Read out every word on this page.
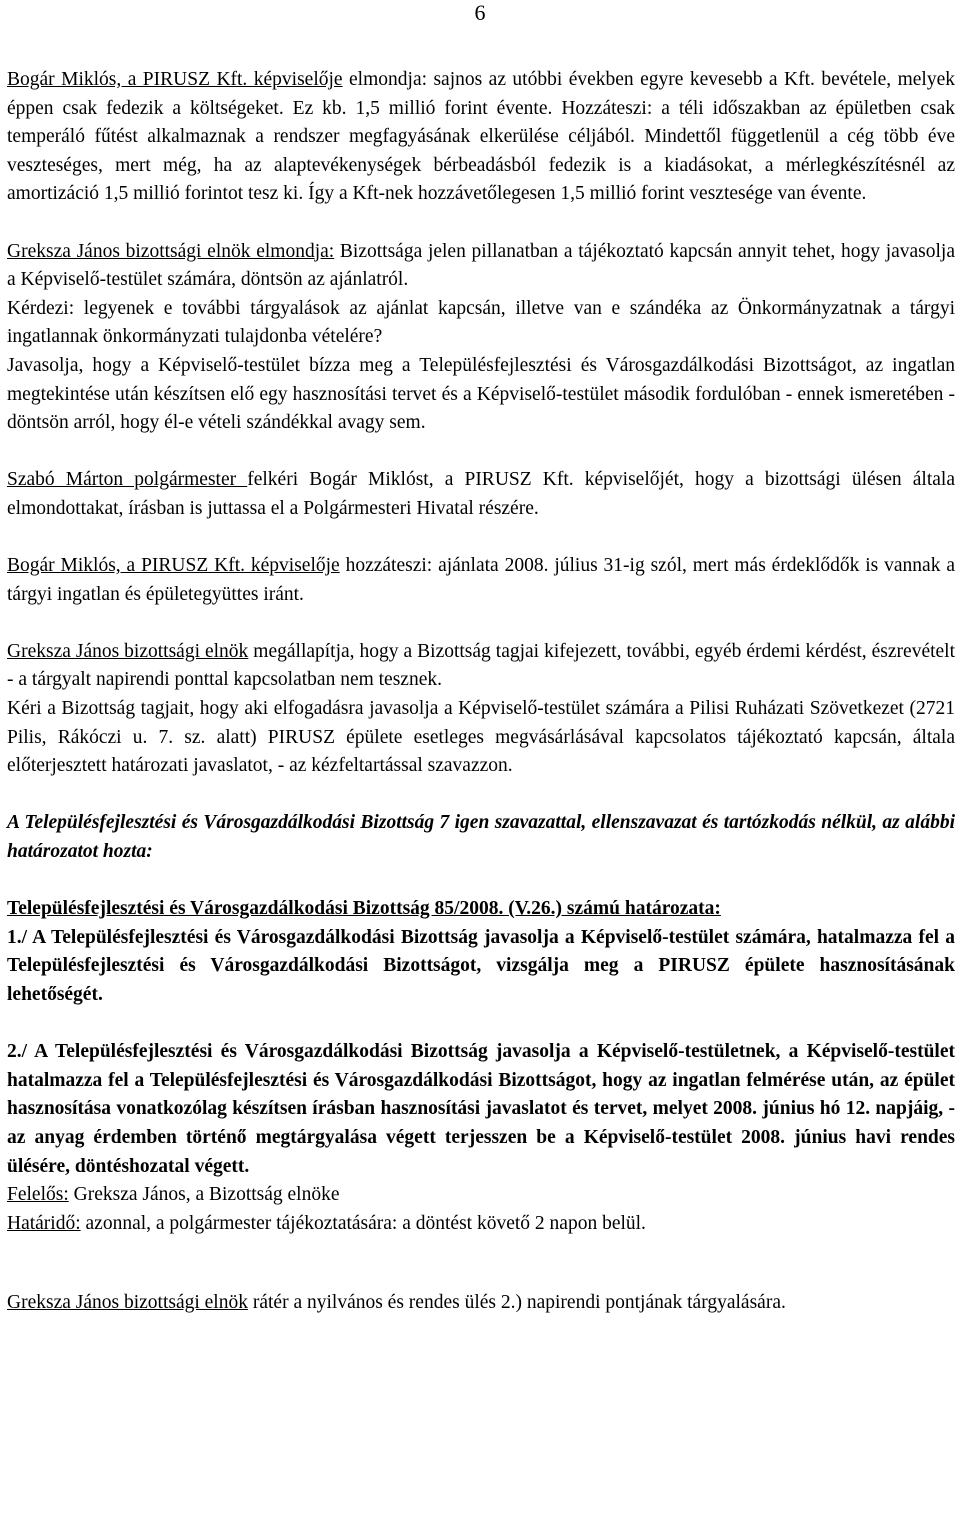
6

Bogár Miklós, a PIRUSZ Kft. képviselője elmondja: sajnos az utóbbi években egyre kevesebb a Kft. bevétele, melyek éppen csak fedezik a költségeket. Ez kb. 1,5 millió forint évente. Hozzáteszi: a téli időszakban az épületben csak temperáló fűtést alkalmaznak a rendszer megfagyásának elkerülése céljából. Mindettől függetlenül a cég több éve veszteséges, mert még, ha az alaptevékenységek bérbeadásból fedezik is a kiadásokat, a mérlegkészítésnél az amortizáció 1,5 millió forintot tesz ki. Így a Kft-nek hozzávetőlegesen 1,5 millió forint vesztesége van évente.

Greksza János bizottsági elnök elmondja: Bizottsága jelen pillanatban a tájékoztató kapcsán annyit tehet, hogy javasolja a Képviselő-testület számára, döntsön az ajánlatról.

Kérdezi: legyenek e további tárgyalások az ajánlat kapcsán, illetve van e szándéka az Önkormányzatnak a tárgyi ingatlannak önkormányzati tulajdonba vételére?

Javasolja, hogy a Képviselő-testület bízza meg a Településfejlesztési és Városgazdálkodási Bizottságot, az ingatlan megtekintése után készítsen elő egy hasznosítási tervet és a Képviselő-testület második fordulóban - ennek ismeretében - döntsön arról, hogy él-e vételi szándékkal avagy sem.

Szabó Márton polgármester felkéri Bogár Miklóst, a PIRUSZ Kft. képviselőjét, hogy a bizottsági ülésen általa elmondottakat, írásban is juttassa el a Polgármesteri Hivatal részére.

Bogár Miklós, a PIRUSZ Kft. képviselője hozzáteszi: ajánlata 2008. július 31-ig szól, mert más érdeklődők is vannak a tárgyi ingatlan és épületegyüttes iránt.

Greksza János bizottsági elnök megállapítja, hogy a Bizottság tagjai kifejezett, további, egyéb érdemi kérdést, észrevételt - a tárgyalt napirendi ponttal kapcsolatban nem tesznek.

Kéri a Bizottság tagjait, hogy aki elfogadásra javasolja a Képviselő-testület számára a Pilisi Ruházati Szövetkezet (2721 Pilis, Rákóczi u. 7. sz. alatt) PIRUSZ épülete esetleges megvásárlásával kapcsolatos tájékoztató kapcsán, általa előterjesztett határozati javaslatot, - az kézfeltartással szavazzon.

A Településfejlesztési és Városgazdálkodási Bizottság 7 igen szavazattal, ellenszavazat és tartózkodás nélkül, az alábbi határozatot hozta:

Településfejlesztési és Városgazdálkodási Bizottság 85/2008. (V.26.) számú határozata:

1./ A Településfejlesztési és Városgazdálkodási Bizottság javasolja a Képviselő-testület számára, hatalmazza fel a Településfejlesztési és Városgazdálkodási Bizottságot, vizsgálja meg a PIRUSZ épülete hasznosításának lehetőségét.

2./ A Településfejlesztési és Városgazdálkodási Bizottság javasolja a Képviselő-testületnek, a Képviselő-testület hatalmazza fel a Településfejlesztési és Városgazdálkodási Bizottságot, hogy az ingatlan felmérése után, az épület hasznosítása vonatkozólag készítsen írásban hasznosítási javaslatot és tervet, melyet 2008. június hó 12. napjáig, - az anyag érdemben történő megtárgyalása végett terjesszen be a Képviselő-testület 2008. június havi rendes ülésére, döntéshozatal végett.

Felelős: Greksza János, a Bizottság elnöke

Határidő: azonnal, a polgármester tájékoztatására: a döntést követő 2 napon belül.

Greksza János bizottsági elnök rátér a nyilvános és rendes ülés 2.) napirendi pontjának tárgyalására.
